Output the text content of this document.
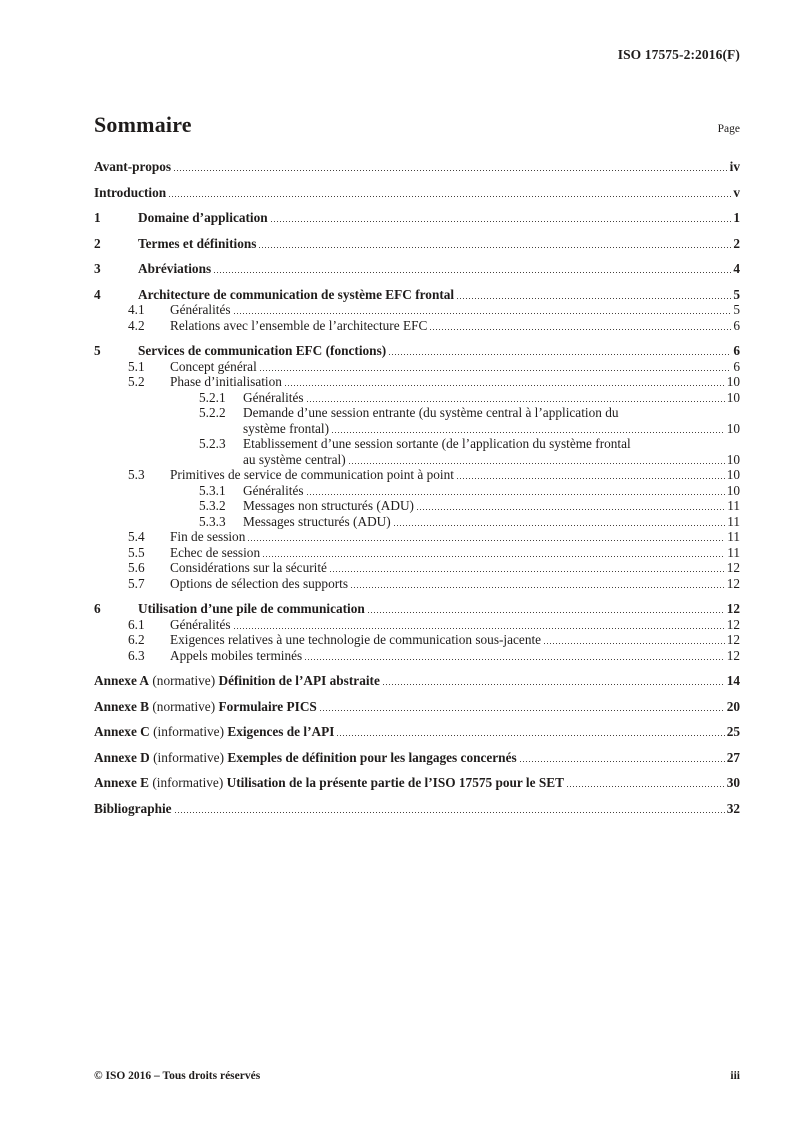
ISO 17575-2:2016(F)
Sommaire	Page
Avant-propos	iv
Introduction	v
1	Domaine d’application	1
2	Termes et définitions	2
3	Abréviations	4
4	Architecture de communication de système EFC frontal	5
4.1	Généralités	5
4.2	Relations avec l’ensemble de l’architecture EFC	6
5	Services de communication EFC (fonctions)	6
5.1	Concept général	6
5.2	Phase d’initialisation	10
5.2.1	Généralités	10
5.2.2	Demande d’une session entrante (du système central à l’application du
système frontal)	10
5.2.3	Etablissement d’une session sortante (de l’application du système frontal
au système central)	10
5.3	Primitives de service de communication point à point	10
5.3.1	Généralités	10
5.3.2	Messages non structurés (ADU)	11
5.3.3	Messages structurés (ADU)	11
5.4	Fin de session	11
5.5	Echec de session	11
5.6	Considérations sur la sécurité	12
5.7	Options de sélection des supports	12
6	Utilisation d’une pile de communication	12
6.1	Généralités	12
6.2	Exigences relatives à une technologie de communication sous-jacente	12
6.3	Appels mobiles terminés	12
Annexe A (normative) Définition de l’API abstraite	14
Annexe B (normative) Formulaire PICS	20
Annexe C (informative) Exigences de l’API	25
Annexe D (informative) Exemples de définition pour les langages concernés	27
Annexe E (informative) Utilisation de la présente partie de l’ISO 17575 pour le SET	30
Bibliographie	32
© ISO 2016 – Tous droits réservés	iii
